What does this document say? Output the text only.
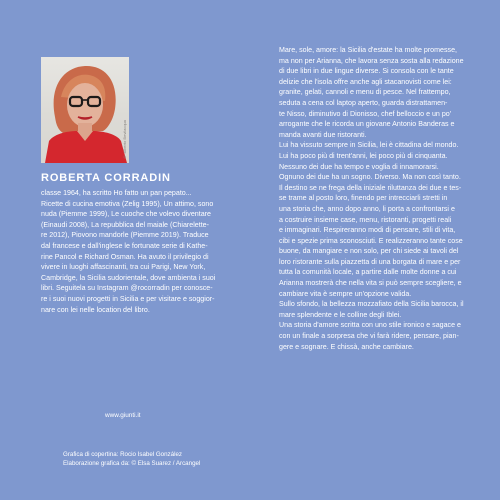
© Alberto Bevilacqua
ROBERTA CORRADIN
classe 1964, ha scritto Ho fatto un pan pepato...
Ricette di cucina emotiva (Zelig 1995), Un attimo, sono
nuda (Piemme 1999), Le cuoche che volevo diventare
(Einaudi 2008), La repubblica del maiale (Chiarelette-
re 2012), Piovono mandorle (Piemme 2019). Traduce
dal francese e dall'inglese le fortunate serie di Kathe-
rine Pancol e Richard Osman. Ha avuto il privilegio di
vivere in luoghi affascinanti, tra cui Parigi, New York,
Cambridge, la Sicilia sudorientale, dove ambienta i suoi
libri. Seguitela su Instagram @rocorradin per conosce-
re i suoi nuovi progetti in Sicilia e per visitare e soggior-
nare con lei nelle location del libro.
www.giunti.it
Grafica di copertina: Rocio Isabel González
Elaborazione grafica da: © Elsa Suarez / Arcangel
Mare, sole, amore: la Sicilia d'estate ha molte promesse,
ma non per Arianna, che lavora senza sosta alla redazione
di due libri in due lingue diverse. Si consola con le tante
delizie che l'isola offre anche agli stacanovisti come lei:
granite, gelati, cannoli e menu di pesce. Nel frattempo,
seduta a cena col laptop aperto, guarda distrattamen-
te Nisso, diminutivo di Dionisso, chef belloccio e un po'
arrogante che le ricorda un giovane Antonio Banderas e
manda avanti due ristoranti.
Lui ha vissuto sempre in Sicilia, lei è cittadina del mondo.
Lui ha poco più di trent'anni, lei poco più di cinquanta.
Nessuno dei due ha tempo e voglia di innamorarsi.
Ognuno dei due ha un sogno. Diverso. Ma non così tanto.
Il destino se ne frega della iniziale riluttanza dei due e tes-
se trame al posto loro, finendo per intrecciarli stretti in
una storia che, anno dopo anno, li porta a confrontarsi e
a costruire insieme case, menu, ristoranti, progetti reali
e immaginari. Respireranno modi di pensare, stili di vita,
cibi e spezie prima sconosciuti. E realizzeranno tante cose
buone, da mangiare e non solo, per chi siede ai tavoli del
loro ristorante sulla piazzetta di una borgata di mare e per
tutta la comunità locale, a partire dalle molte donne a cui
Arianna mostrerà che nella vita si può sempre scegliere, e
cambiare vita è sempre un'opzione valida.
Sullo sfondo, la bellezza mozzafiato della Sicilia barocca, il
mare splendente e le colline degli Iblei.
Una storia d'amore scritta con uno stile ironico e sagace e
con un finale a sorpresa che vi farà ridere, pensare, pian-
gere e sognare. E chissà, anche cambiare.
